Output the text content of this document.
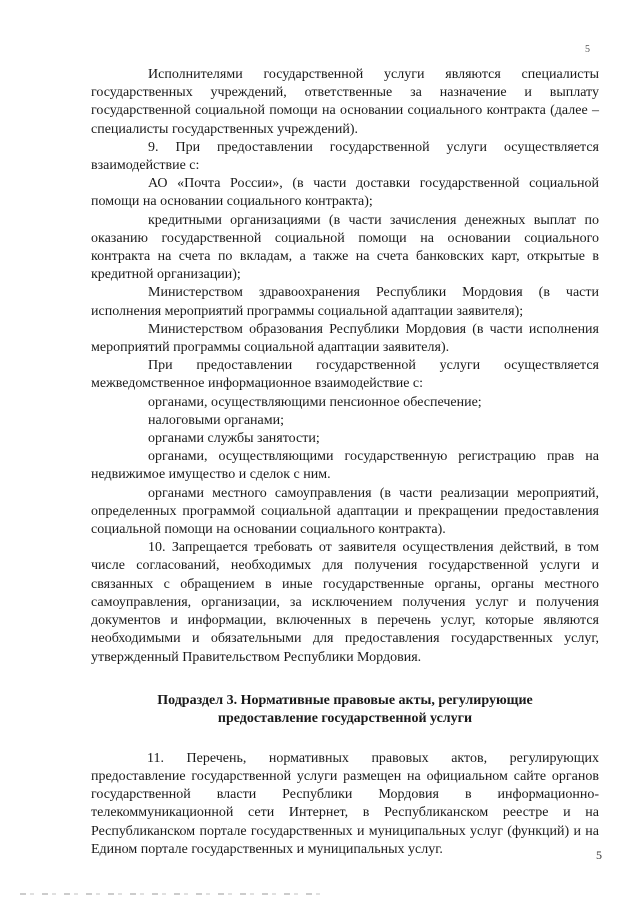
5

Исполнителями государственной услуги являются специалисты государственных учреждений, ответственные за назначение и выплату государственной социальной помощи на основании социального контракта (далее – специалисты государственных учреждений).

9. При предоставлении государственной услуги осуществляется взаимодействие с:

АО «Почта России», (в части доставки государственной социальной помощи на основании социального контракта);

кредитными организациями (в части зачисления денежных выплат по оказанию государственной социальной помощи на основании социального контракта на счета по вкладам, а также на счета банковских карт, открытые в кредитной организации);

Министерством здравоохранения Республики Мордовия (в части исполнения мероприятий программы социальной адаптации заявителя);

Министерством образования Республики Мордовия (в части исполнения мероприятий программы социальной адаптации заявителя).

При предоставлении государственной услуги осуществляется межведомственное информационное взаимодействие с:

органами, осуществляющими пенсионное обеспечение;

налоговыми органами;

органами службы занятости;

органами, осуществляющими государственную регистрацию прав на недвижимое имущество и сделок с ним.

органами местного самоуправления (в части реализации мероприятий, определенных программой социальной адаптации и прекращении предоставления социальной помощи на основании социального контракта).

10. Запрещается требовать от заявителя осуществления действий, в том числе согласований, необходимых для получения государственной услуги и связанных с обращением в иные государственные органы, органы местного самоуправления, организации, за исключением получения услуг и получения документов и информации, включенных в перечень услуг, которые являются необходимыми и обязательными для предоставления государственных услуг, утвержденный Правительством Республики Мордовия.

Подраздел 3. Нормативные правовые акты, регулирующие
предоставление государственной услуги

11. Перечень, нормативных правовых актов, регулирующих предоставление государственной услуги размещен на официальном сайте органов государственной власти Республики Мордовия в информационно-телекоммуникационной сети Интернет, в Республиканском реестре и на Республиканском портале государственных и муниципальных услуг (функций) и на Едином портале государственных и муниципальных услуг.	5
